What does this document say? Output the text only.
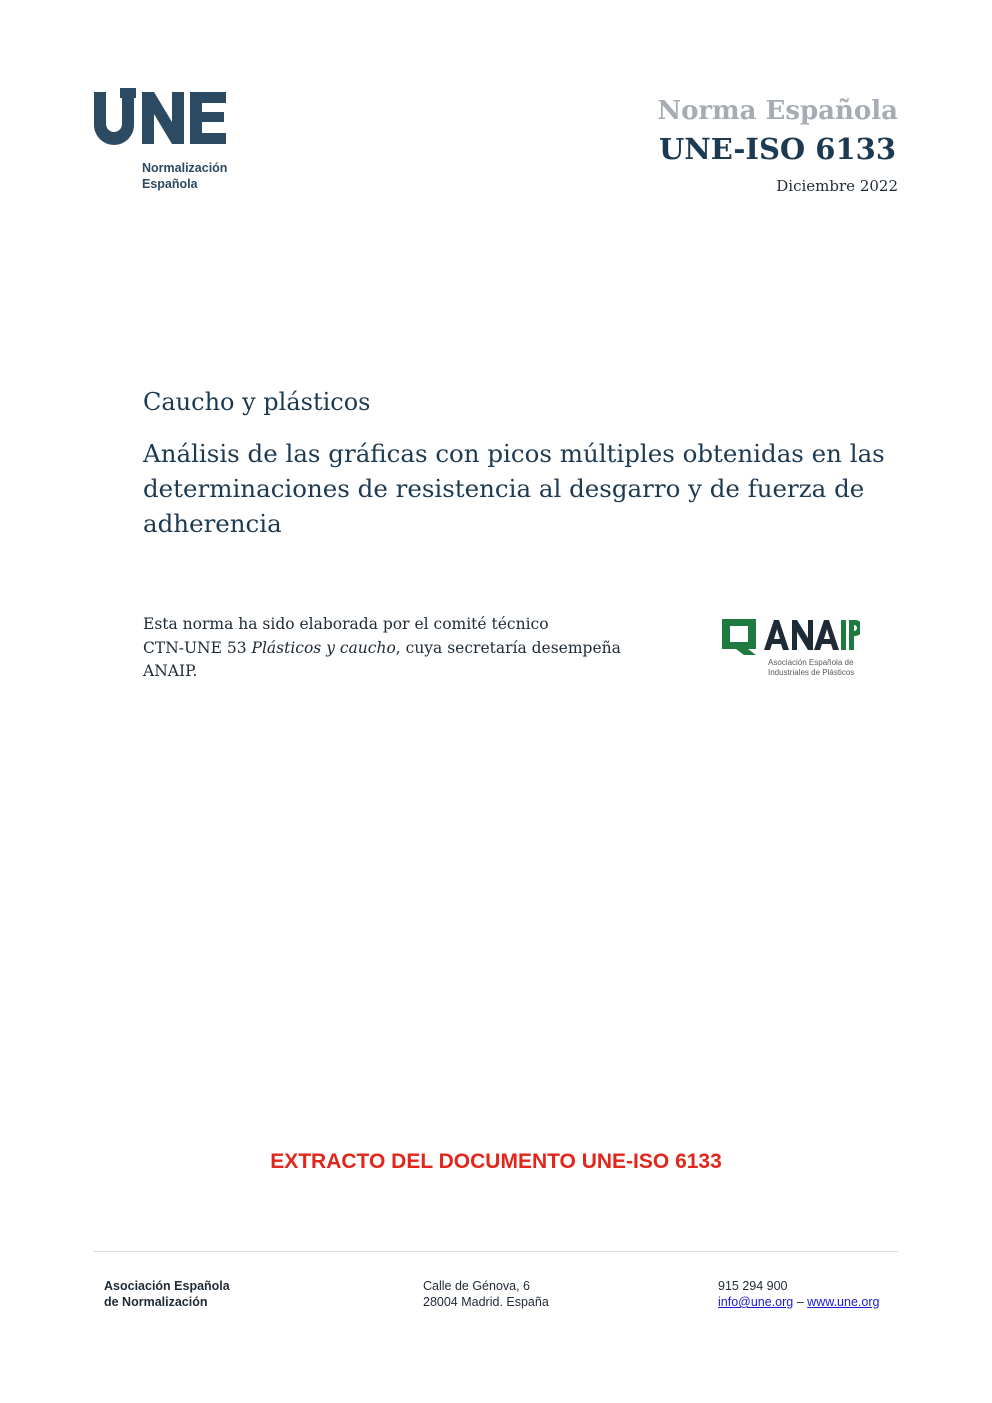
Normalización
Española
Norma Española
UNE-ISO 6133
Diciembre 2022
Caucho y plásticos
Análisis de las gráficas con picos múltiples obtenidas en las determinaciones de resistencia al desgarro y de fuerza de adherencia

Esta norma ha sido elaborada por el comité técnico

CTN-UNE 53 Plásticos y caucho, cuya secretaría desempeña

ANAIP.	Asociación Española de
Industriales de Plásticos
EXTRACTO DEL DOCUMENTO UNE-ISO 6133
Asociación Española
de Normalización
Calle de Génova, 6
28004 Madrid. España
915 294 900
info@une.org – www.une.org
